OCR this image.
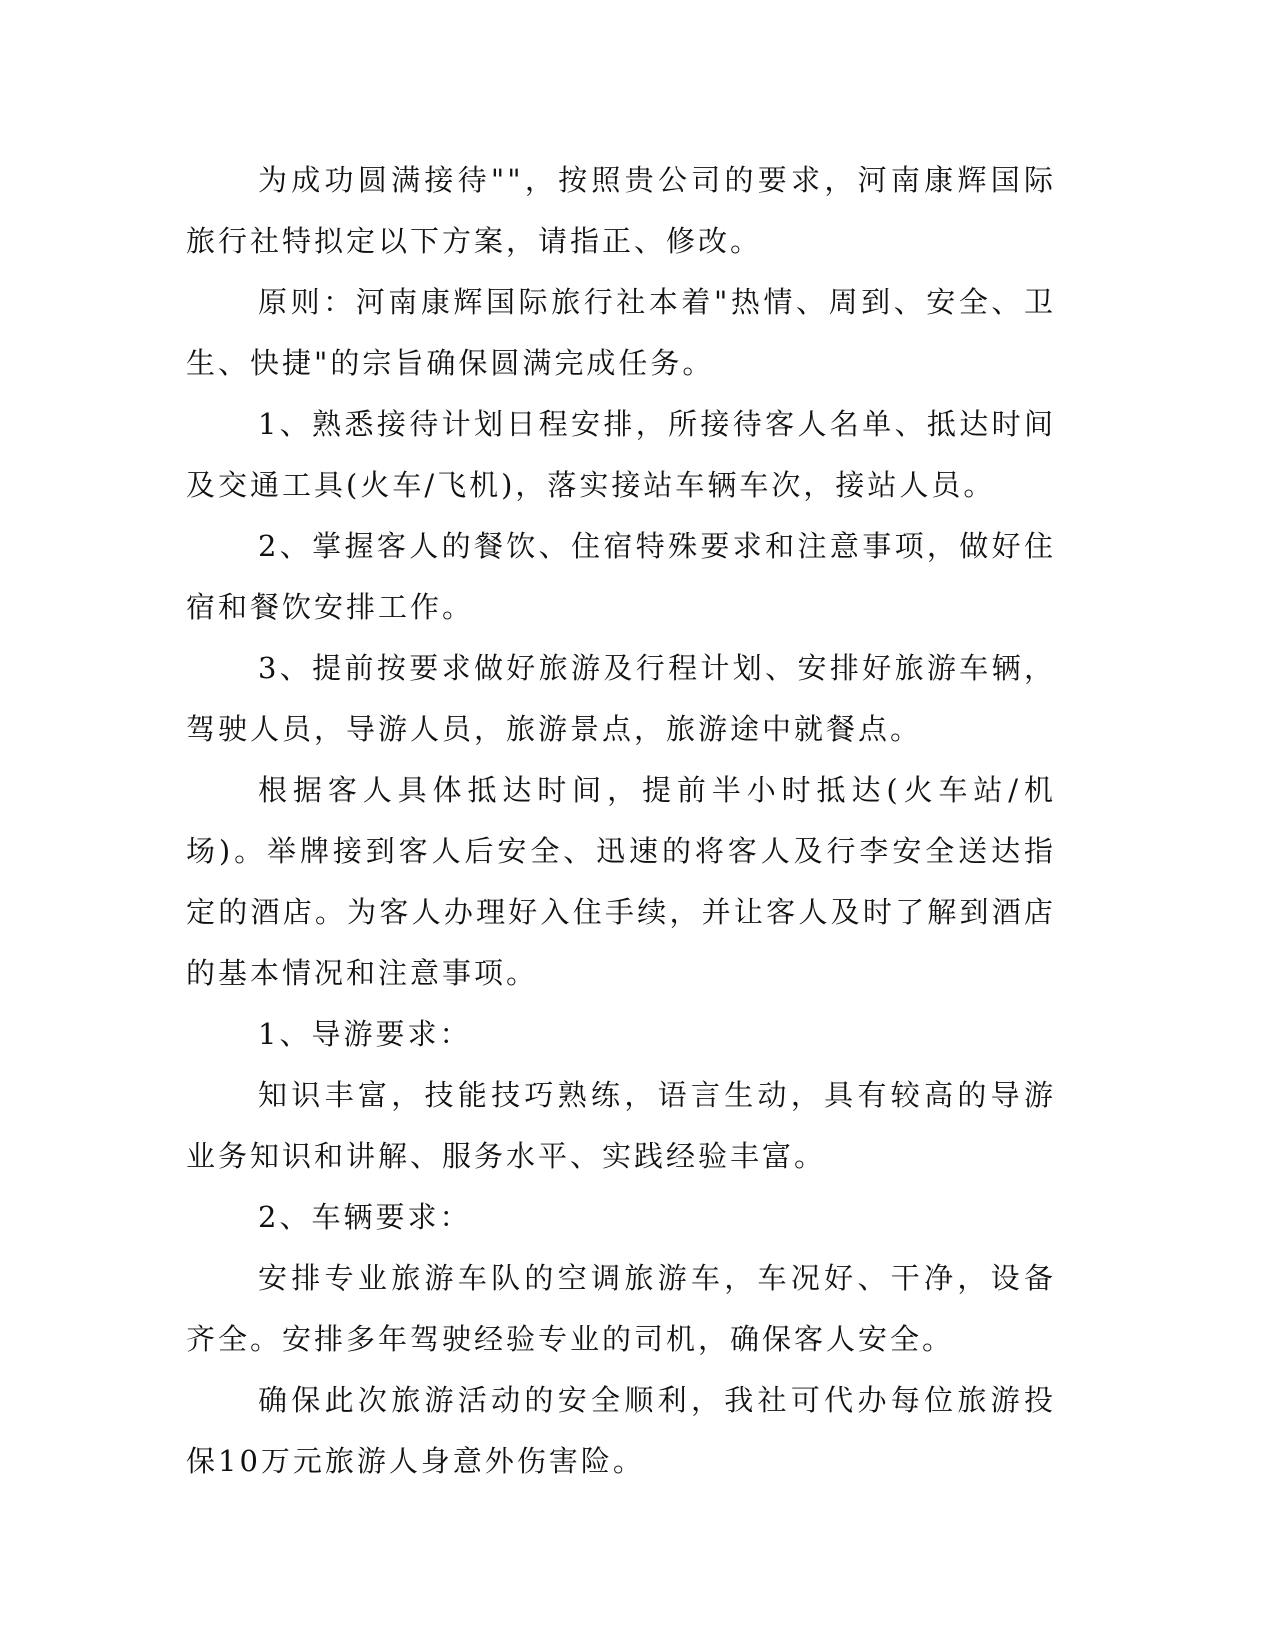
为成功圆满接待""，按照贵公司的要求，河南康辉国际旅行社特拟定以下方案，请指正、修改。

原则：河南康辉国际旅行社本着"热情、周到、安全、卫生、快捷"的宗旨确保圆满完成任务。

1、熟悉接待计划日程安排，所接待客人名单、抵达时间及交通工具(火车/飞机)，落实接站车辆车次，接站人员。

2、掌握客人的餐饮、住宿特殊要求和注意事项，做好住宿和餐饮安排工作。

3、提前按要求做好旅游及行程计划、安排好旅游车辆，驾驶人员，导游人员，旅游景点，旅游途中就餐点。

根据客人具体抵达时间，提前半小时抵达(火车站/机场)。举牌接到客人后安全、迅速的将客人及行李安全送达指定的酒店。为客人办理好入住手续，并让客人及时了解到酒店的基本情况和注意事项。

1、导游要求：

知识丰富，技能技巧熟练，语言生动，具有较高的导游业务知识和讲解、服务水平、实践经验丰富。

2、车辆要求：

安排专业旅游车队的空调旅游车，车况好、干净，设备齐全。安排多年驾驶经验专业的司机，确保客人安全。

确保此次旅游活动的安全顺利，我社可代办每位旅游投保10万元旅游人身意外伤害险。
